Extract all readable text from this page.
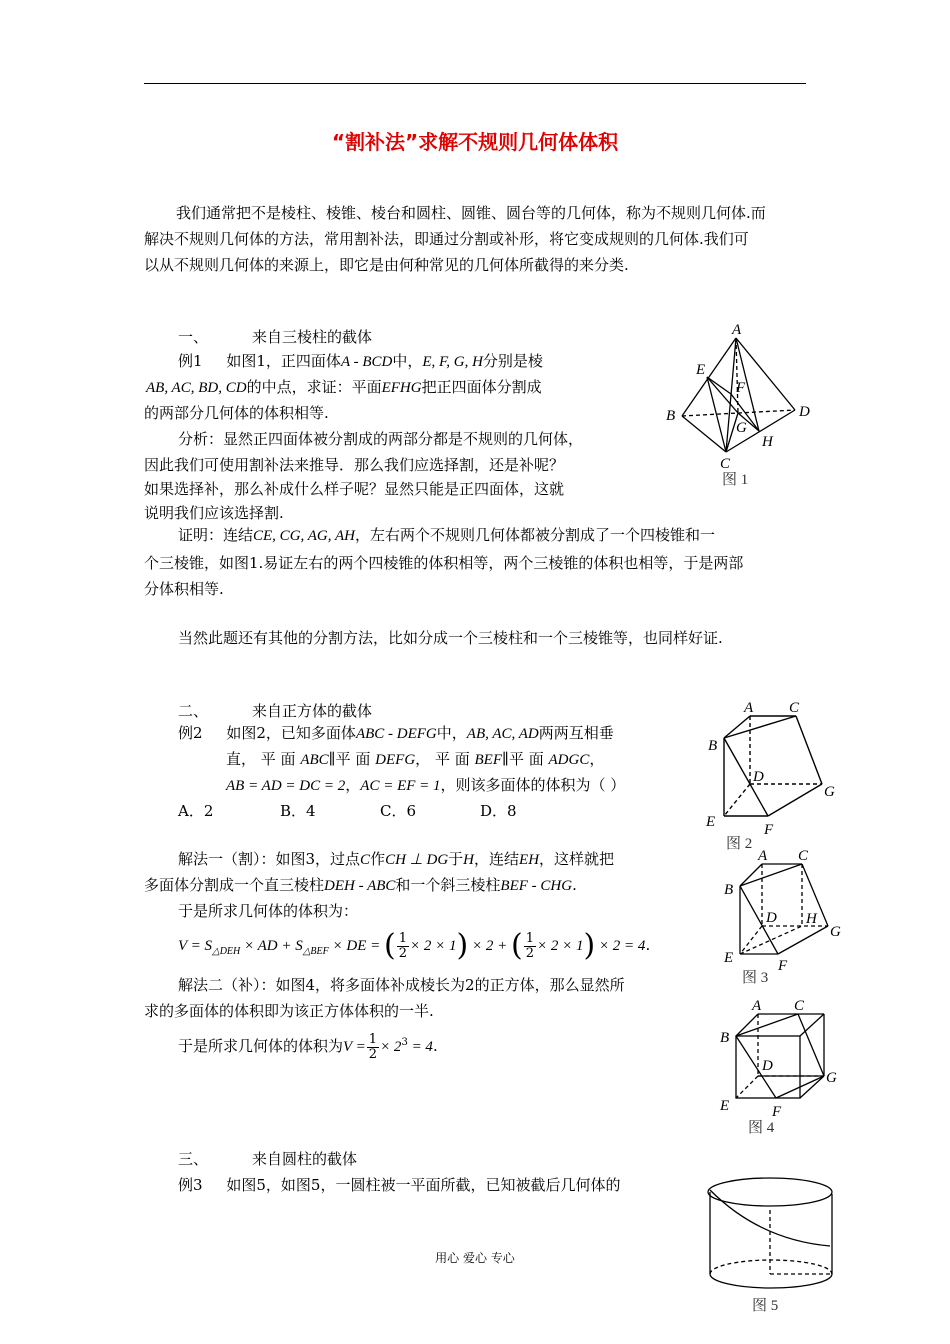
“割补法”求解不规则几何体体积
我们通常把不是棱柱、棱锥、棱台和圆柱、圆锥、圆台等的几何体，称为不规则几何体.而
解决不规则几何体的方法，常用割补法，即通过分割或补形，将它变成规则的几何体.我们可
以从不规则几何体的来源上，即它是由何种常见的几何体所截得的来分类.
一、	来自三棱柱的截体
例1 如图1，正四面体A - BCD中，E, F, G, H分别是棱
AB, AC, BD, CD的中点，求证：平面EFHG把正四面体分割成
的两部分几何体的体积相等.
分析：显然正四面体被分割成的两部分都是不规则的几何体，
因此我们可使用割补法来推导．那么我们应选择割，还是补呢？
如果选择补，那么补成什么样子呢？显然只能是正四面体，这就
说明我们应该选择割.
证明：连结CE, CG, AG, AH，左右两个不规则几何体都被分割成了一个四棱锥和一
个三棱锥，如图1.易证左右的两个四棱锥的体积相等，两个三棱锥的体积也相等，于是两部
分体积相等.
当然此题还有其他的分割方法，比如分成一个三棱柱和一个三棱锥等，也同样好证.
A
B
C
D
E
F
G
H
图 1
二、	来自正方体的截体
例2 如图2，已知多面体ABC - DEFG中，AB, AC, AD两两互相垂
直， 平 面 ABC∥平 面 DEFG， 平 面 BEF∥平 面 ADGC，
AB = AD = DC = 2，AC = EF = 1，则该多面体的体积为（ ）
A．2	B．4	C．6	D．8
解法一（割）：如图3，过点C作CH ⊥ DG于H，连结EH，这样就把
多面体分割成一个直三棱柱DEH - ABC和一个斜三棱柱BEF - CHG.
于是所求几何体的体积为：
$V = S_{\triangle DEH}$ × AD + $S_{\triangle BEF}$ × DE = ( $\frac{1}{2} \times 2 \times 1) \times 2$ + ( $\frac{1}{2} \times 2 \times 1) \times 2 = 4$.
解法二（补）：如图4，将多面体补成棱长为2的正方体，那么显然所
求的多面体的体积即为该正方体体积的一半.
于是所求几何体的体积为$V = \frac{1}{2} \times 2^3 = 4$.
A C
B
D
G
E	F
图 2
A C
B
D H
G
E	F
图 3
A C
B
D
G
E	F
图 4
三、	来自圆柱的截体
例3 如图5，如图5，一圆柱被一平面所截，已知被截后几何体的
图 5
用心 爱心 专心
